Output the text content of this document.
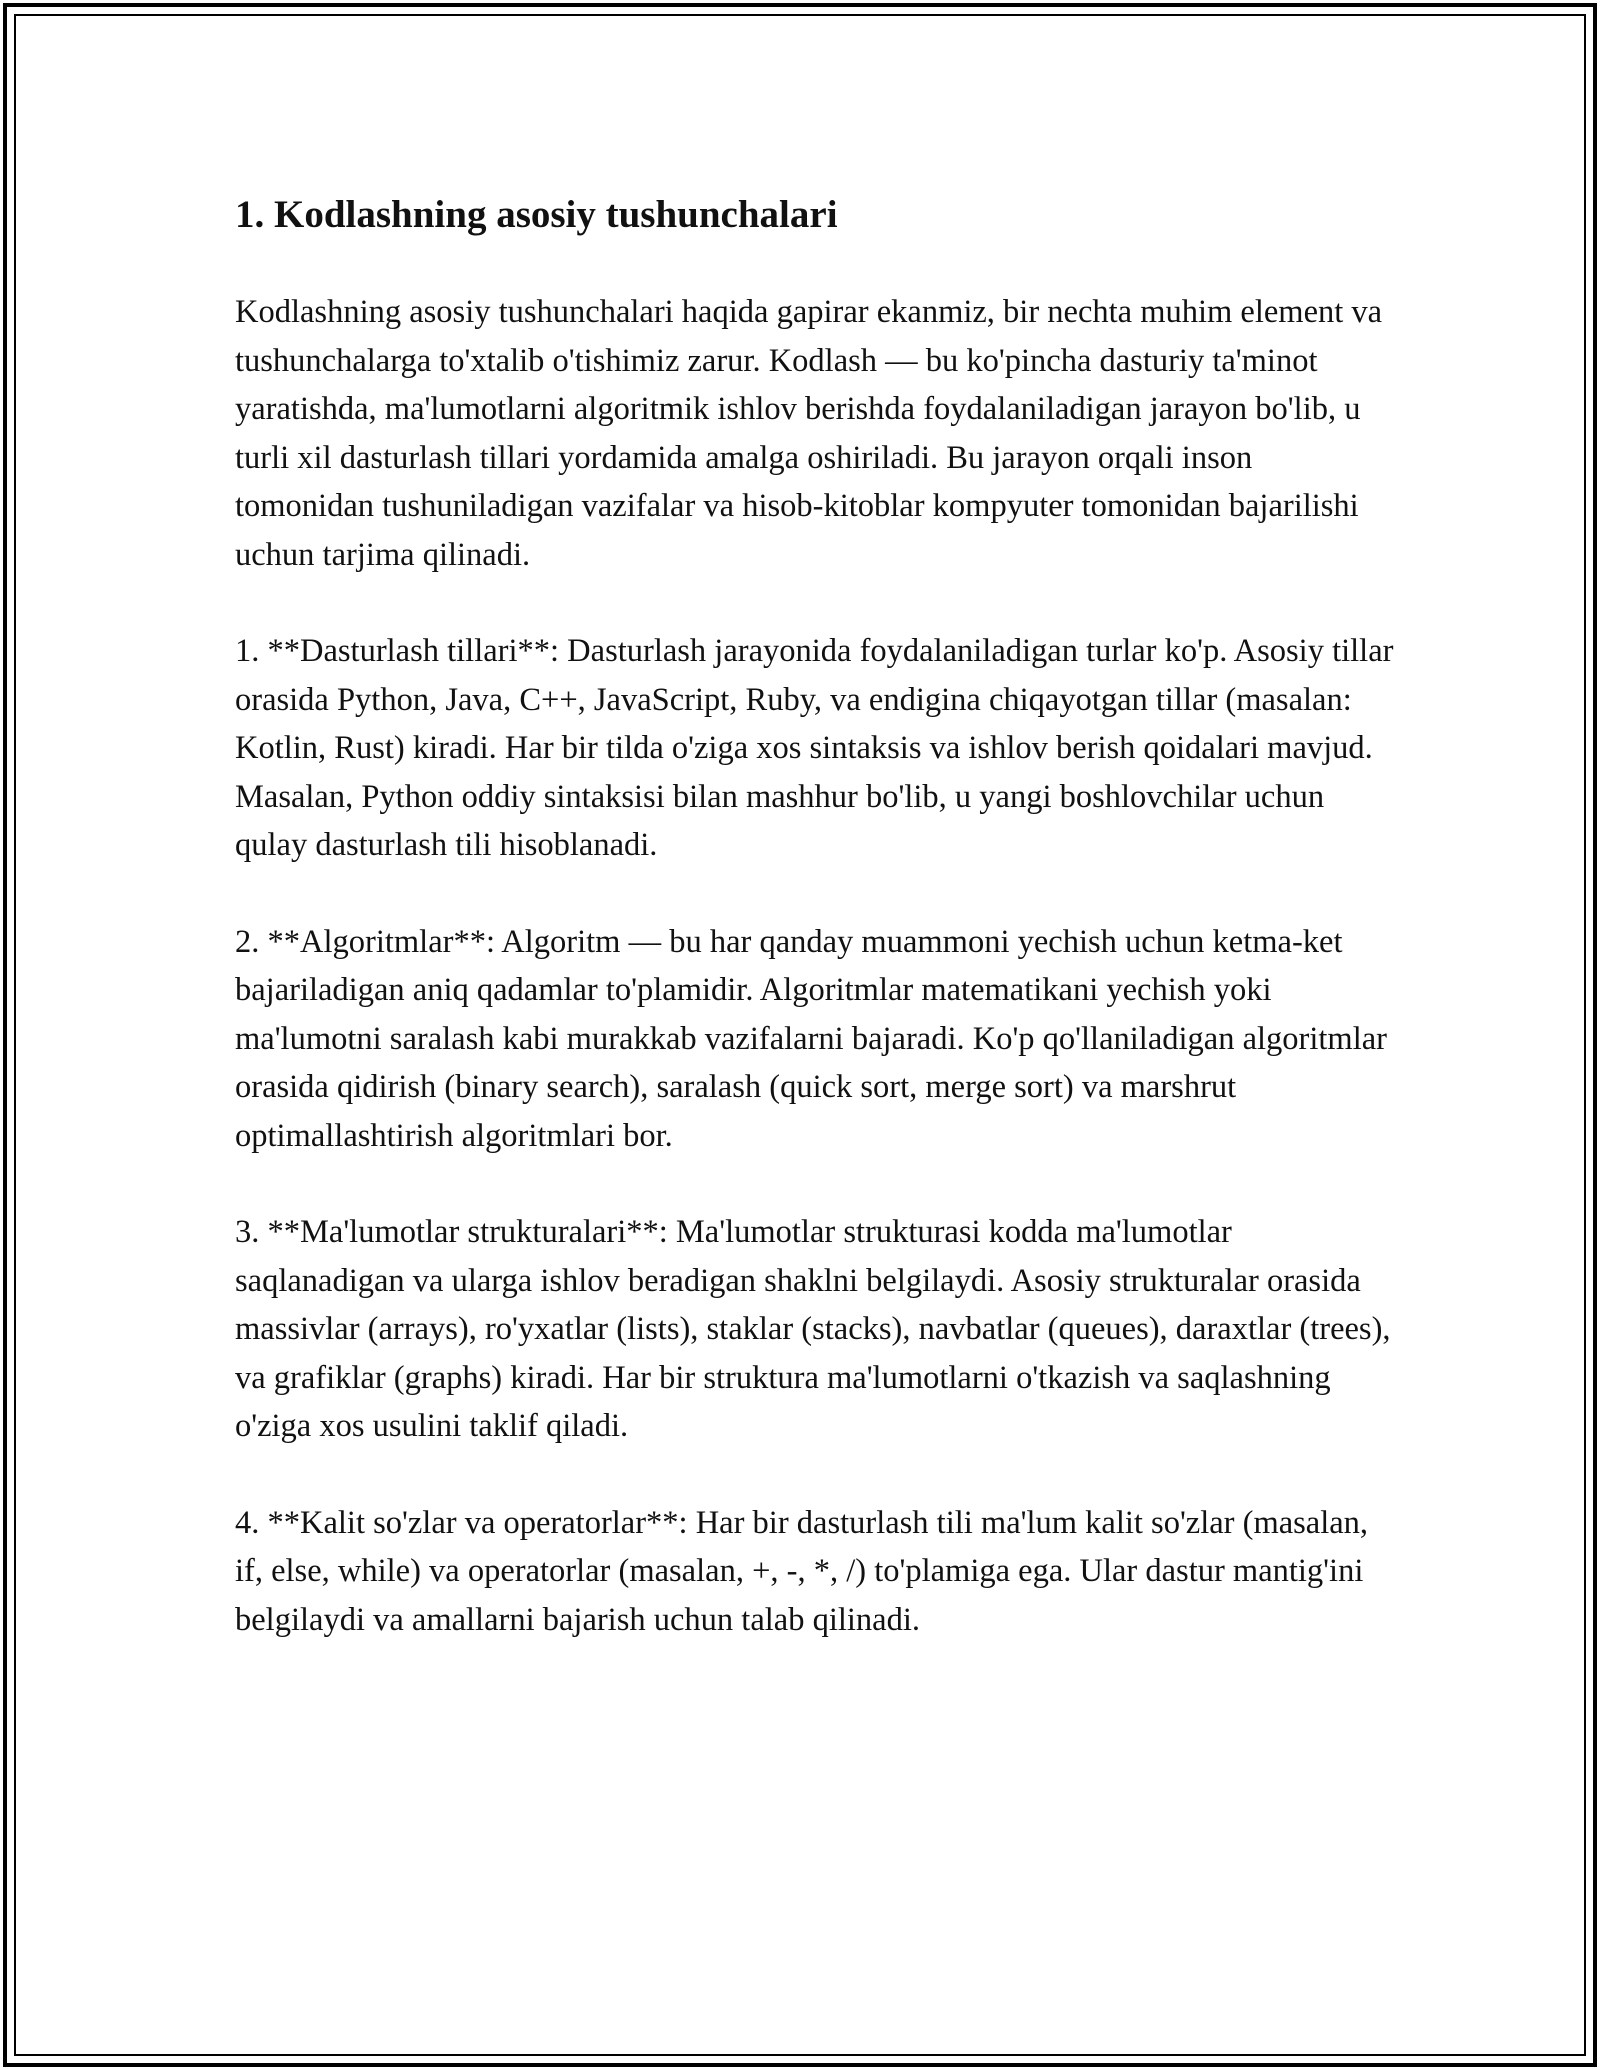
1. Kodlashning asosiy tushunchalari

Kodlashning asosiy tushunchalari haqida gapirar ekanmiz, bir nechta muhim element va tushunchalarga to'xtalib o'tishimiz zarur. Kodlash — bu ko'pincha dasturiy ta'minot yaratishda, ma'lumotlarni algoritmik ishlov berishda foydalaniladigan jarayon bo'lib, u turli xil dasturlash tillari yordamida amalga oshiriladi. Bu jarayon orqali inson tomonidan tushuniladigan vazifalar va hisob-kitoblar kompyuter tomonidan bajarilishi uchun tarjima qilinadi.

1. **Dasturlash tillari**: Dasturlash jarayonida foydalaniladigan turlar ko'p. Asosiy tillar orasida Python, Java, C++, JavaScript, Ruby, va endigina chiqayotgan tillar (masalan: Kotlin, Rust) kiradi. Har bir tilda o'ziga xos sintaksis va ishlov berish qoidalari mavjud. Masalan, Python oddiy sintaksisi bilan mashhur bo'lib, u yangi boshlovchilar uchun qulay dasturlash tili hisoblanadi.

2. **Algoritmlar**: Algoritm — bu har qanday muammoni yechish uchun ketma-ket bajariladigan aniq qadamlar to'plamidir. Algoritmlar matematikani yechish yoki ma'lumotni saralash kabi murakkab vazifalarni bajaradi. Ko'p qo'llaniladigan algoritmlar orasida qidirish (binary search), saralash (quick sort, merge sort) va marshrut optimallashtirish algoritmlari bor.

3. **Ma'lumotlar strukturalari**: Ma'lumotlar strukturasi kodda ma'lumotlar saqlanadigan va ularga ishlov beradigan shaklni belgilaydi. Asosiy strukturalar orasida massivlar (arrays), ro'yxatlar (lists), staklar (stacks), navbatlar (queues), daraxtlar (trees), va grafiklar (graphs) kiradi. Har bir struktura ma'lumotlarni o'tkazish va saqlashning o'ziga xos usulini taklif qiladi.

4. **Kalit so'zlar va operatorlar**: Har bir dasturlash tili ma'lum kalit so'zlar (masalan, if, else, while) va operatorlar (masalan, +, -, *, /) to'plamiga ega. Ular dastur mantig'ini belgilaydi va amallarni bajarish uchun talab qilinadi.
